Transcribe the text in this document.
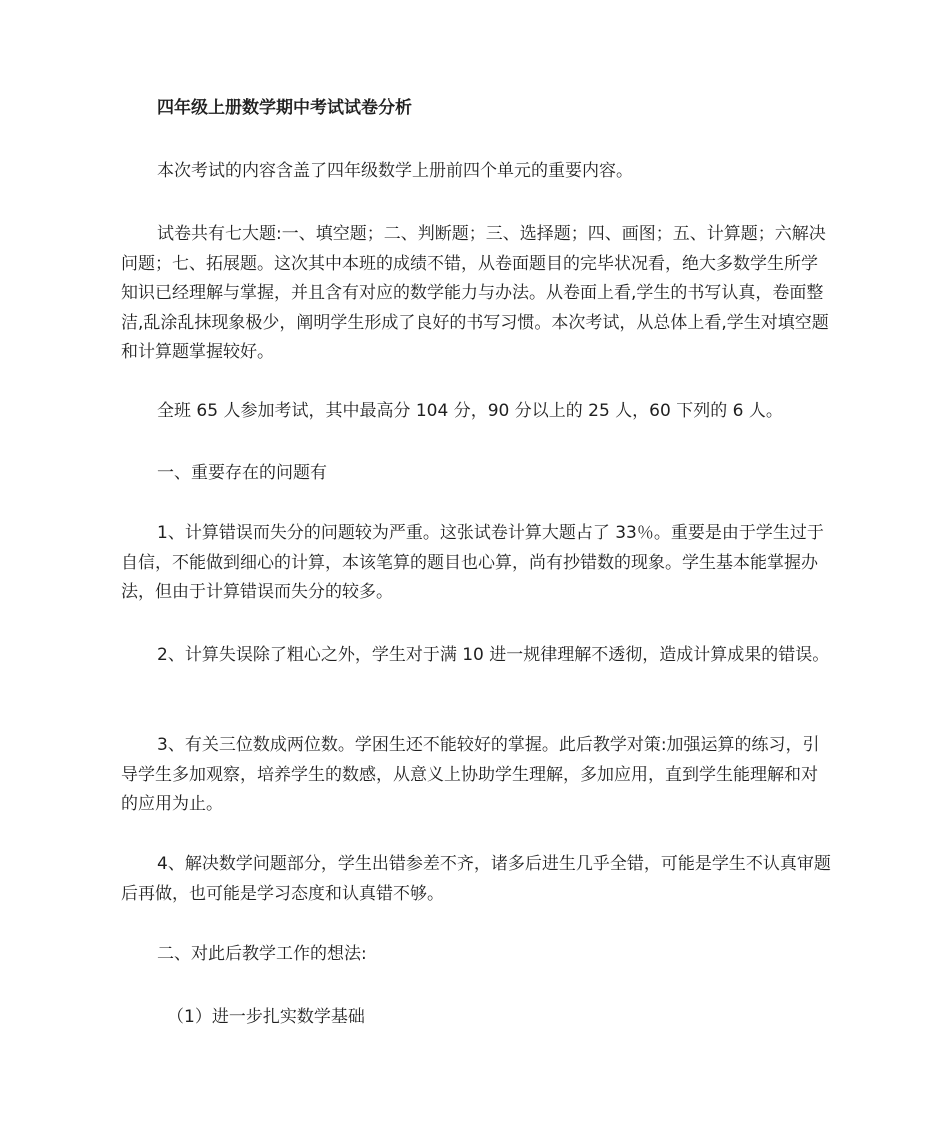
四年级上册数学期中考试试卷分析

本次考试的内容含盖了四年级数学上册前四个单元的重要内容。

试卷共有七大题:一、填空题；二、判断题；三、选择题；四、画图；五、计算题；六解决问题；七、拓展题。这次其中本班的成绩不错，从卷面题目的完毕状况看，绝大多数学生所学知识已经理解与掌握，并且含有对应的数学能力与办法。从卷面上看,学生的书写认真，卷面整洁,乱涂乱抹现象极少，阐明学生形成了良好的书写习惯。本次考试，从总体上看,学生对填空题和计算题掌握较好。

全班 65 人参加考试，其中最高分 104 分，90 分以上的 25 人，60 下列的 6 人。

一、重要存在的问题有

1、计算错误而失分的问题较为严重。这张试卷计算大题占了 33％。重要是由于学生过于自信，不能做到细心的计算，本该笔算的题目也心算，尚有抄错数的现象。学生基本能掌握办法，但由于计算错误而失分的较多。

2、计算失误除了粗心之外，学生对于满 10 进一规律理解不透彻，造成计算成果的错误。

3、有关三位数成两位数。学困生还不能较好的掌握。此后教学对策:加强运算的练习，引导学生多加观察，培养学生的数感，从意义上协助学生理解，多加应用，直到学生能理解和对的应用为止。

4、解决数学问题部分，学生出错参差不齐，诸多后进生几乎全错，可能是学生不认真审题后再做，也可能是学习态度和认真错不够。

二、对此后教学工作的想法:

（1）进一步扎实数学基础
